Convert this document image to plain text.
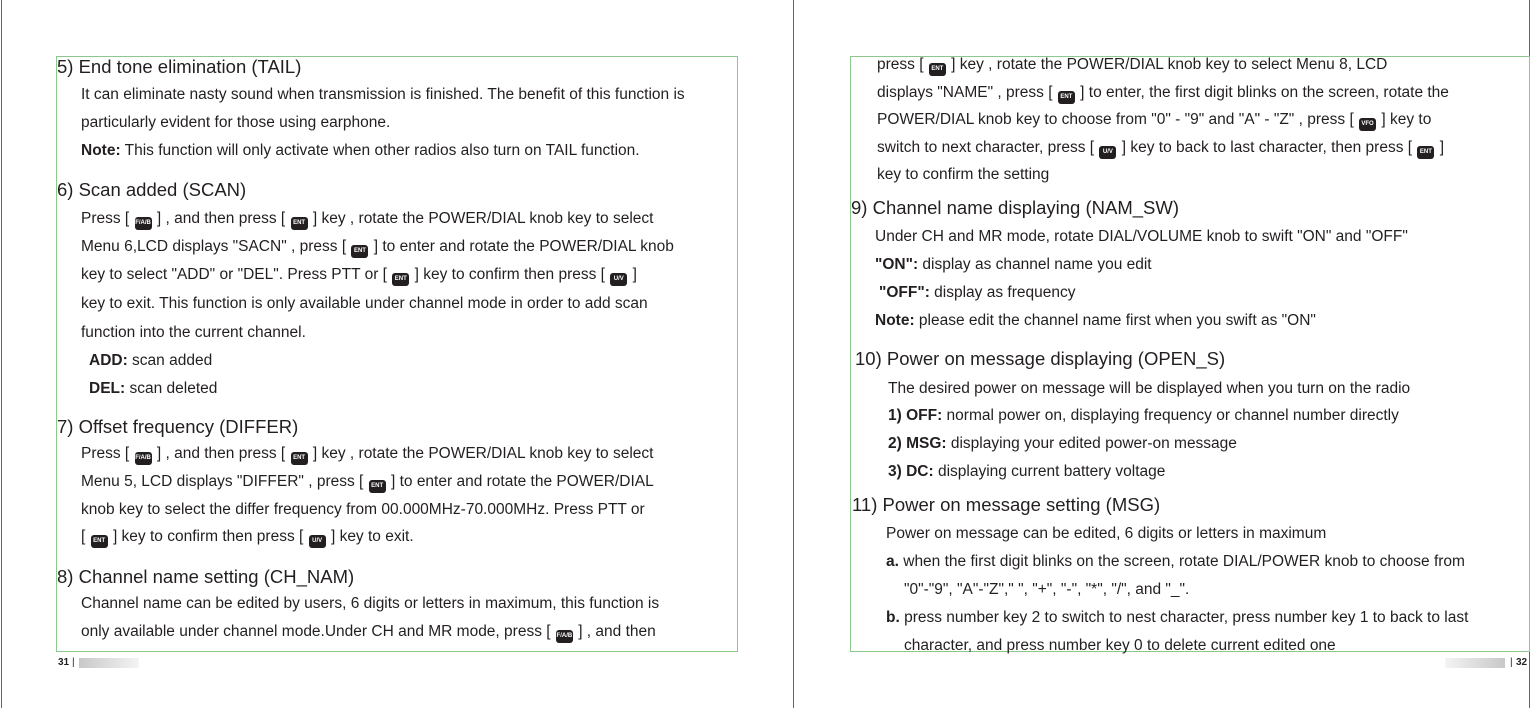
5) End tone elimination (TAIL)
It can eliminate nasty sound when transmission is finished. The benefit of this function is
particularly evident for those using earphone.
Note: This function will only activate when other radios also turn on TAIL function.
6) Scan added (SCAN)
Press [ F/A/B ] , and then press [ ENT ] key , rotate the POWER/DIAL knob key to select
Menu 6,LCD displays "SACN" , press [ ENT ] to enter and rotate the POWER/DIAL knob
key to select "ADD" or "DEL". Press PTT or [ ENT ] key to confirm then press [ U/V ]
key to exit. This function is only available under channel mode in order to add scan
function into the current channel.
ADD: scan added
DEL: scan deleted
7) Offset frequency (DIFFER)
Press [ F/A/B ] , and then press [ ENT ] key , rotate the POWER/DIAL knob key to select
Menu 5, LCD displays "DIFFER" , press [ ENT ] to enter and rotate the POWER/DIAL
knob key to select the differ frequency from 00.000MHz-70.000MHz. Press PTT or
[ ENT ] key to confirm then press [ U/V ] key to exit.
8) Channel name setting (CH_NAM)
Channel name can be edited by users, 6 digits or letters in maximum, this function is
only available under channel mode.Under CH and MR mode, press [ F/A/B ] , and then
31 |
press [ ENT ] key , rotate the POWER/DIAL knob key to select Menu 8, LCD
displays "NAME" , press [ ENT ] to enter, the first digit blinks on the screen, rotate the
POWER/DIAL knob key to choose from "0" - "9" and "A" - "Z" , press [ VFO ] key to
switch to next character, press [ U/V ] key to back to last character, then press [ ENT ]
key to confirm the setting
9) Channel name displaying (NAM_SW)
Under CH and MR mode, rotate DIAL/VOLUME knob to swift "ON" and "OFF"
"ON": display as channel name you edit
"OFF": display as frequency
Note: please edit the channel name first when you swift as "ON"
10) Power on message displaying (OPEN_S)
The desired power on message will be displayed when you turn on the radio
1) OFF: normal power on, displaying frequency or channel number directly
2) MSG: displaying your edited power-on message
3) DC: displaying current battery voltage
11) Power on message setting (MSG)
Power on message can be edited, 6 digits or letters in maximum
a. when the first digit blinks on the screen, rotate DIAL/POWER knob to choose from
"0"-"9", "A"-"Z"," ", "+", "-", "*", "/", and "_".
b. press number key 2 to switch to nest character, press number key 1 to back to last
character, and press number key 0 to delete current edited one
| 32
